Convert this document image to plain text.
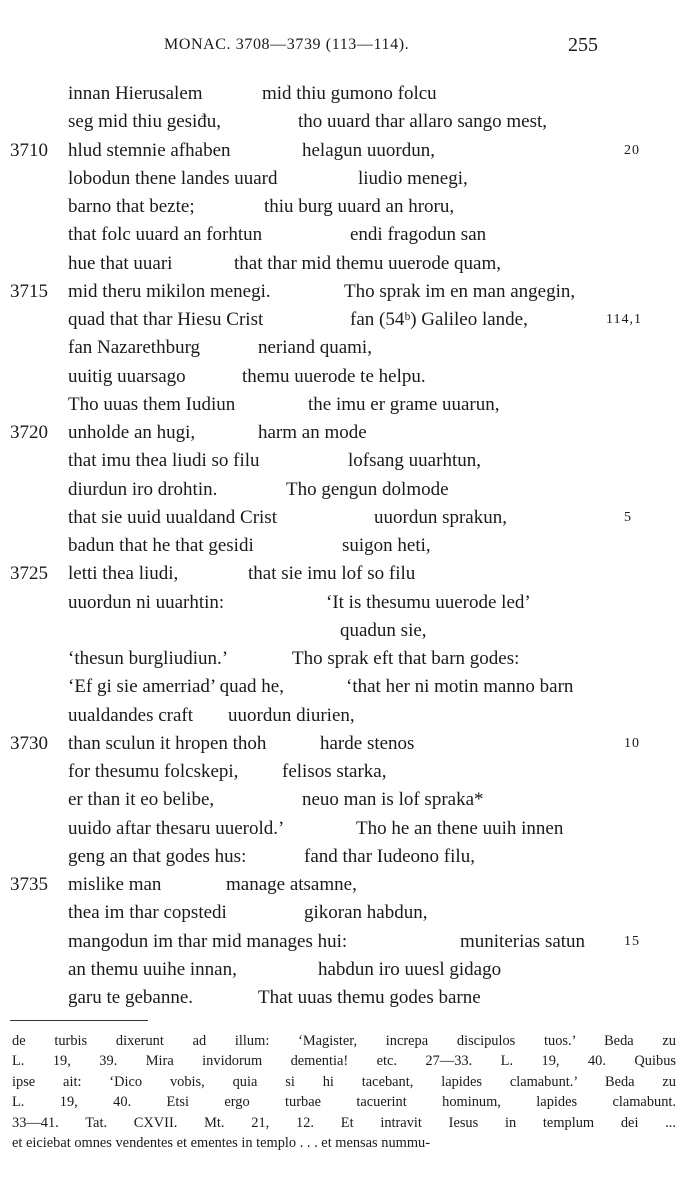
MONAC. 3708—3739 (113—114).	255
innan Hierusalem	mid thiu gumono folcu
seg mid thiu gesiđu,	tho uuard thar allaro sango mest,
3710 hlud stemnie afhaben	helagun uuordun,	20
lobodun thene landes uuard	liudio menegi,
barno that bezte;	thiu burg uuard an hroru,
that folc uuard an forhtun	endi fragodun san
hue that uuari	that thar mid themu uuerode quam,
3715 mid theru mikilon menegi.	Tho sprak im en man angegin,
quad that thar Hiesu Crist	fan (54ᵇ) Galileo lande,	114,1
fan Nazarethburg	neriand quami,
uuitig uuarsago	themu uuerode te helpu.
Tho uuas them Iudiun	the imu er grame uuarun,
3720 unholde an hugi,	harm an mode
that imu thea liudi so filu	lofsang uuarhtun,
diurdun iro drohtin.	Tho gengun dolmode
that sie uuid uualdand Crist	uuordun sprakun,	5
badun that he that gesidi	suigon heti,
3725 letti thea liudi,	that sie imu lof so filu
uuordun ni uuarhtin:	‘It is thesumu uuerode led’
quadun sie,
‘thesun burgliudiun.’	Tho sprak eft that barn godes:
‘Ef gi sie amerriad’ quad he,	‘that her ni motin manno barn
uualdandes craft uuordun diurien,
3730 than sculun it hropen thoh	harde stenos	10
for thesumu folcskepi, felisos starka,
er than it eo belibe,	neuo man is lof spraka*
uuido aftar thesaru uuerold.’	Tho he an thene uuih innen
geng an that godes hus:	fand thar Iudeono filu,
3735 mislike man	manage atsamne,
thea im thar copstedi	gikoran habdun,
mangodun im thar mid manages hui:	muniterias satun	15
an themu uuihe innan,	habdun iro uuesl gidago
garu te gebanne.	That uuas themu godes barne
de turbis dixerunt ad illum: ‘Magister, increpa discipulos tuos.’ Beda zu
L. 19, 39. Mira invidorum dementia! etc. 27—33. L. 19, 40. Quibus
ipse ait: ‘Dico vobis, quia si hi tacebant, lapides clamabunt.’ Beda zu
L. 19, 40. Etsi ergo turbae tacuerint hominum, lapides clamabunt.
33—41. Tat. CXVII. Mt. 21, 12. Et intravit Iesus in templum dei ...
et eiciebat omnes vendentes et ementes in templo . . . et mensas nummu-
